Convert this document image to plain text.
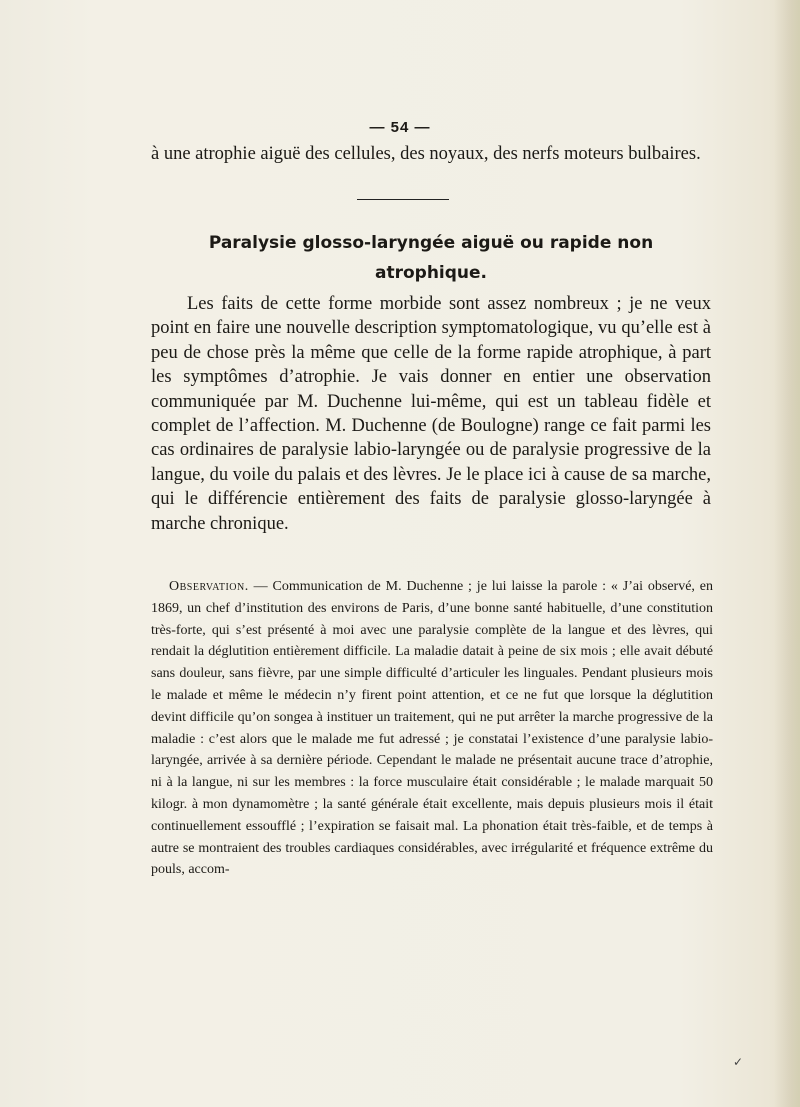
— 54 —

à une atrophie aiguë des cellules, des noyaux, des nerfs moteurs bulbaires.

Paralysie glosso-laryngée aiguë ou rapide non
atrophique.

Les faits de cette forme morbide sont assez nombreux ; je ne veux point en faire une nouvelle description symptomatologique, vu qu’elle est à peu de chose près la même que celle de la forme rapide atrophique, à part les symptômes d’atrophie. Je vais donner en entier une observation communiquée par M. Duchenne lui-même, qui est un tableau fidèle et complet de l’affection. M. Duchenne (de Boulogne) range ce fait parmi les cas ordinaires de paralysie labio-laryngée ou de paralysie progressive de la langue, du voile du palais et des lèvres. Je le place ici à cause de sa marche, qui le différencie entièrement des faits de paralysie glosso-laryngée à marche chronique.

Observation. — Communication de M. Duchenne ; je lui laisse la parole : « J’ai observé, en 1869, un chef d’institution des environs de Paris, d’une bonne santé habituelle, d’une constitution très-forte, qui s’est présenté à moi avec une paralysie complète de la langue et des lèvres, qui rendait la déglutition entièrement difficile. La maladie datait à peine de six mois ; elle avait débuté sans douleur, sans fièvre, par une simple difficulté d’articuler les linguales. Pendant plusieurs mois le malade et même le médecin n’y firent point attention, et ce ne fut que lorsque la déglutition devint difficile qu’on songea à instituer un traitement, qui ne put arrêter la marche progressive de la maladie : c’est alors que le malade me fut adressé ; je constatai l’existence d’une paralysie labio-laryngée, arrivée à sa dernière période. Cependant le malade ne présentait aucune trace d’atrophie, ni à la langue, ni sur les membres : la force musculaire était considérable ; le malade marquait 50 kilogr. à mon dynamomètre ; la santé générale était excellente, mais depuis plusieurs mois il était continuellement essoufflé ; l’expiration se faisait mal. La phonation était très-faible, et de temps à autre se montraient des troubles cardiaques considérables, avec irrégularité et fréquence extrême du pouls, accom-

✓
